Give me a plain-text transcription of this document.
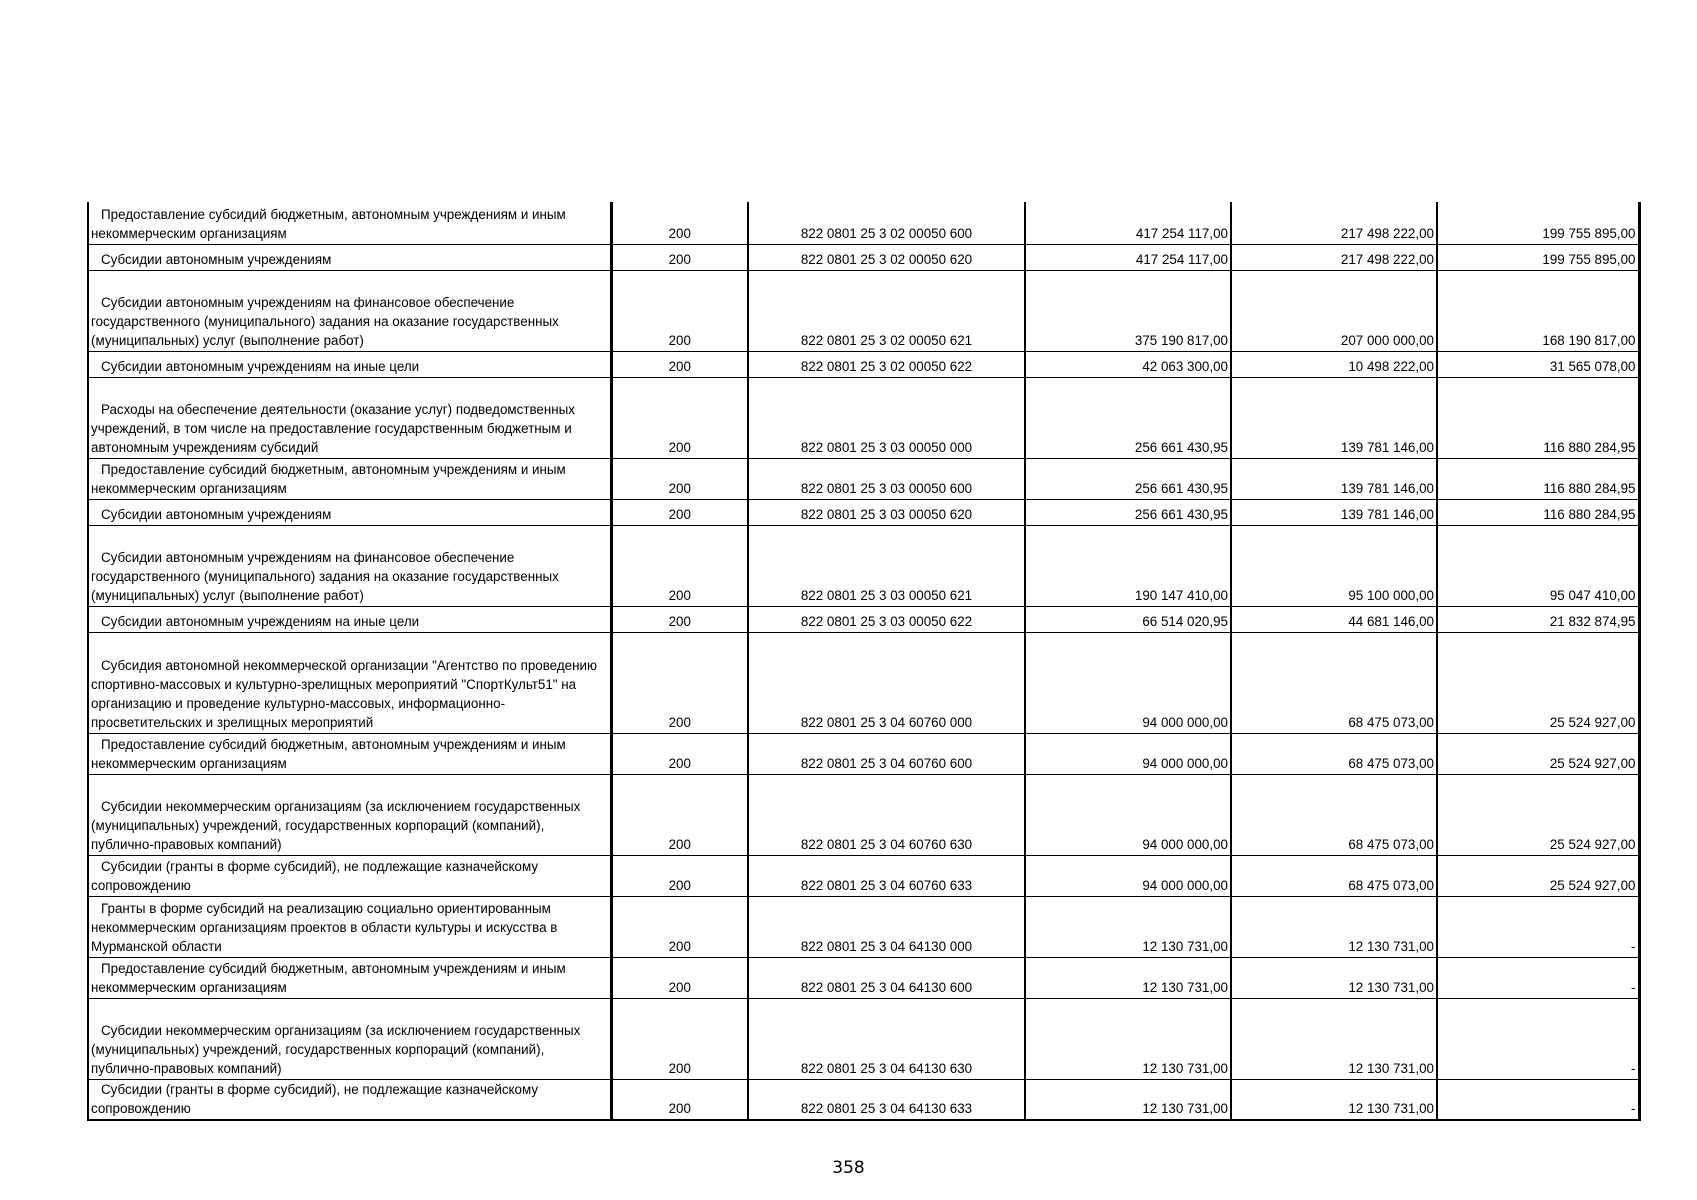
Предоставление субсидий бюджетным, автономным учреждениям и иным некоммерческим организациям	200	822 0801 25 3 02 00050 600	417 254 117,00	217 498 222,00	199 755 895,00

Субсидии автономным учреждениям	200	822 0801 25 3 02 00050 620	417 254 117,00	217 498 222,00	199 755 895,00

Субсидии автономным учреждениям на финансовое обеспечение государственного (муниципального) задания на оказание государственных (муниципальных) услуг (выполнение работ)	200	822 0801 25 3 02 00050 621	375 190 817,00	207 000 000,00	168 190 817,00

Субсидии автономным учреждениям на иные цели	200	822 0801 25 3 02 00050 622	42 063 300,00	10 498 222,00	31 565 078,00

Расходы на обеспечение деятельности (оказание услуг) подведомственных учреждений, в том числе на предоставление государственным бюджетным и автономным учреждениям субсидий	200	822 0801 25 3 03 00050 000	256 661 430,95	139 781 146,00	116 880 284,95

Предоставление субсидий бюджетным, автономным учреждениям и иным некоммерческим организациям	200	822 0801 25 3 03 00050 600	256 661 430,95	139 781 146,00	116 880 284,95

Субсидии автономным учреждениям	200	822 0801 25 3 03 00050 620	256 661 430,95	139 781 146,00	116 880 284,95

Субсидии автономным учреждениям на финансовое обеспечение государственного (муниципального) задания на оказание государственных (муниципальных) услуг (выполнение работ)	200	822 0801 25 3 03 00050 621	190 147 410,00	95 100 000,00	95 047 410,00

Субсидии автономным учреждениям на иные цели	200	822 0801 25 3 03 00050 622	66 514 020,95	44 681 146,00	21 832 874,95

Субсидия автономной некоммерческой организации "Агентство по проведению спортивно-массовых и культурно-зрелищных мероприятий "СпортКульт51" на организацию и проведение культурно-массовых, информационно-просветительских и зрелищных мероприятий	200	822 0801 25 3 04 60760 000	94 000 000,00	68 475 073,00	25 524 927,00

Предоставление субсидий бюджетным, автономным учреждениям и иным некоммерческим организациям	200	822 0801 25 3 04 60760 600	94 000 000,00	68 475 073,00	25 524 927,00

Субсидии некоммерческим организациям (за исключением государственных (муниципальных) учреждений, государственных корпораций (компаний), публично-правовых компаний)	200	822 0801 25 3 04 60760 630	94 000 000,00	68 475 073,00	25 524 927,00

Субсидии (гранты в форме субсидий), не подлежащие казначейскому сопровождению	200	822 0801 25 3 04 60760 633	94 000 000,00	68 475 073,00	25 524 927,00

Гранты в форме субсидий на реализацию социально ориентированным некоммерческим организациям проектов в области культуры и искусства в Мурманской области	200	822 0801 25 3 04 64130 000	12 130 731,00	12 130 731,00	-

Предоставление субсидий бюджетным, автономным учреждениям и иным некоммерческим организациям	200	822 0801 25 3 04 64130 600	12 130 731,00	12 130 731,00	-

Субсидии некоммерческим организациям (за исключением государственных (муниципальных) учреждений, государственных корпораций (компаний), публично-правовых компаний)	200	822 0801 25 3 04 64130 630	12 130 731,00	12 130 731,00	-

Субсидии (гранты в форме субсидий), не подлежащие казначейскому сопровождению	200	822 0801 25 3 04 64130 633	12 130 731,00	12 130 731,00	-
358
